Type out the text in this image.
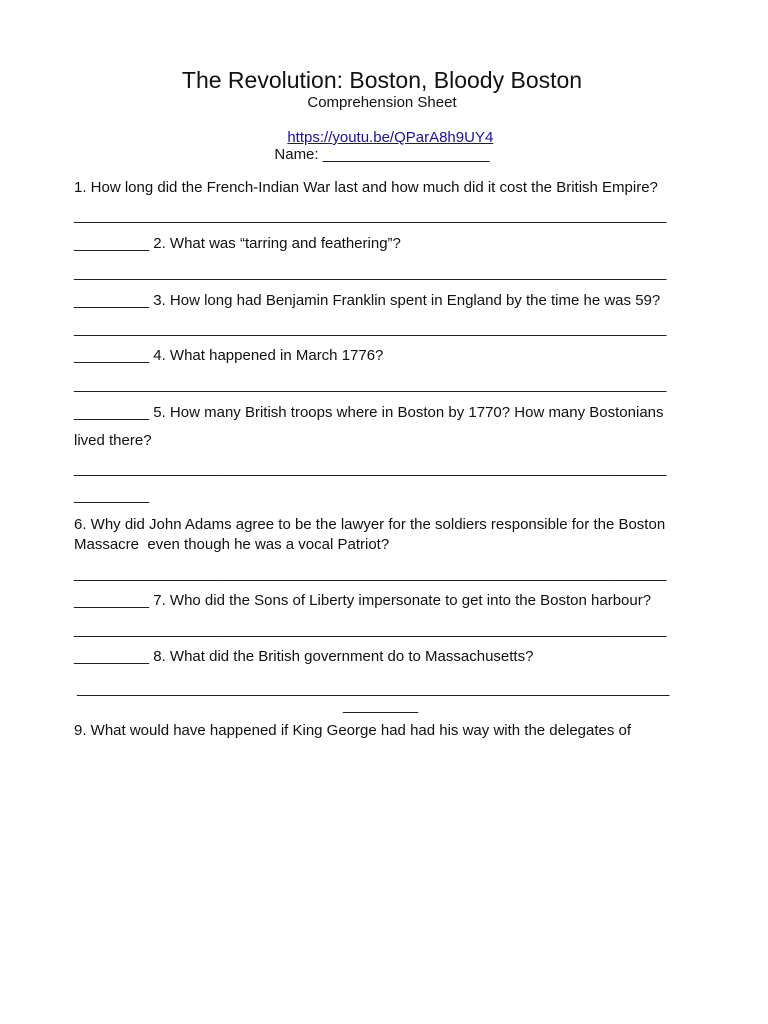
The Revolution: Boston, Bloody Boston
Comprehension Sheet

https://youtu.be/QParA8h9UY4

Name: ____________________
1. How long did the French-Indian War last and how much did it cost the British Empire?
_______________________________________________________________________
_________ 2. What was “tarring and feathering”?
_______________________________________________________________________
_________ 3. How long had Benjamin Franklin spent in England by the time he was 59?
_______________________________________________________________________
_________ 4. What happened in March 1776?
_______________________________________________________________________
_________ 5. How many British troops where in Boston by 1770? How many Bostonians
lived there?
_______________________________________________________________________
_________
6. Why did John Adams agree to be the lawyer for the soldiers responsible for the Boston
Massacre  even though he was a vocal Patriot?
_______________________________________________________________________
_________ 7. Who did the Sons of Liberty impersonate to get into the Boston harbour?
_______________________________________________________________________
_________ 8. What did the British government do to Massachusetts?
_______________________________________________________________________
_________
9. What would have happened if King George had had his way with the delegates of
